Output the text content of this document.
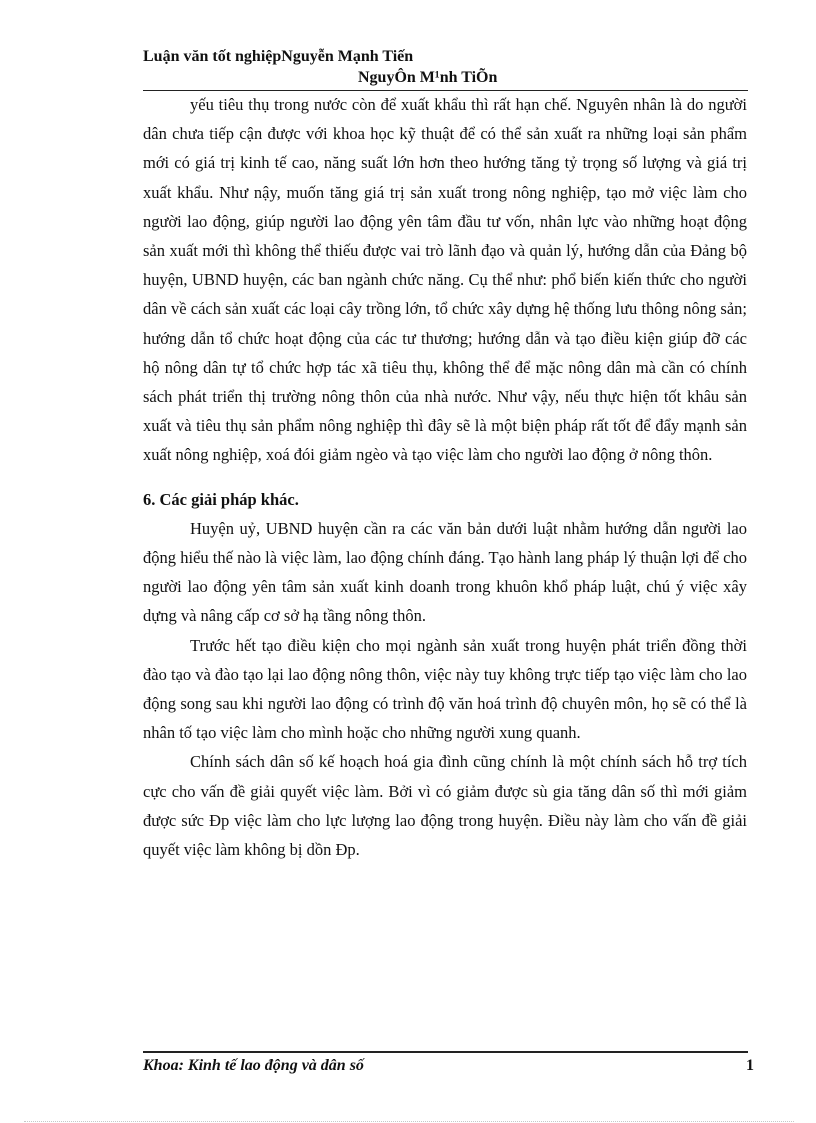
Luận văn tốt nghiệpNguyễn Mạnh Tiến
NguyÔn M¹nh TiÕn

yếu tiêu thụ trong nước còn để xuất khẩu thì rất hạn chế. Nguyên nhân là do người dân chưa tiếp cận được với khoa học kỹ thuật để có thể sản xuất ra những loại sản phẩm mới có giá trị kinh tế cao, năng suất lớn hơn theo hướng tăng tỷ trọng số lượng và giá trị xuất khẩu. Như nậy, muốn tăng giá trị sản xuất trong nông nghiệp, tạo mở việc làm cho người lao động, giúp người lao động yên tâm đầu tư vốn, nhân lực vào những hoạt động sản xuất mới thì không thể thiếu được vai trò lãnh đạo và quản lý, hướng dẫn của Đảng bộ huyện, UBND huyện, các ban ngành chức năng. Cụ thể như: phổ biến kiến thức cho người dân về cách sản xuất các loại cây trồng lớn, tổ chức xây dựng hệ thống lưu thông nông sản; hướng dẫn tổ chức hoạt động của các tư thương; hướng dẫn và tạo điều kiện giúp đỡ các hộ nông dân tự tổ chức hợp tác xã tiêu thụ, không thể để mặc nông dân mà cần có chính sách phát triển thị trường nông thôn của nhà nước. Như vậy, nếu thực hiện tốt khâu sản xuất và tiêu thụ sản phẩm nông nghiệp thì đây sẽ là một biện pháp rất tốt để đẩy mạnh sản xuất nông nghiệp, xoá đói giảm ngèo và tạo việc làm cho người lao động ở nông thôn.

6. Các giải pháp khác.

Huyện uỷ, UBND huyện cần ra các văn bản dưới luật nhằm hướng dẫn người lao động hiểu thế nào là việc làm, lao động chính đáng. Tạo hành lang pháp lý thuận lợi để cho người lao động yên tâm sản xuất kinh doanh trong khuôn khổ pháp luật, chú ý việc xây dựng và nâng cấp cơ sở hạ tầng nông thôn.

Trước hết tạo điều kiện cho mọi ngành sản xuất trong huyện phát triển đồng thời đào tạo và đào tạo lại lao động nông thôn, việc này tuy không trực tiếp tạo việc làm cho lao động song sau khi người lao động có trình độ văn hoá trình độ chuyên môn, họ sẽ có thể là nhân tố tạo việc làm cho mình hoặc cho những người xung quanh.

Chính sách dân số kế hoạch hoá gia đình cũng chính là một chính sách hỗ trợ tích cực cho vấn đề giải quyết việc làm. Bởi vì có giảm được sù gia tăng dân số thì mới giảm được sức Ðp việc làm cho lực lượng lao động trong huyện. Điều này làm cho vấn đề giải quyết việc làm không bị dồn Ðp.

Khoa: Kinh tế lao động và dân số	1
